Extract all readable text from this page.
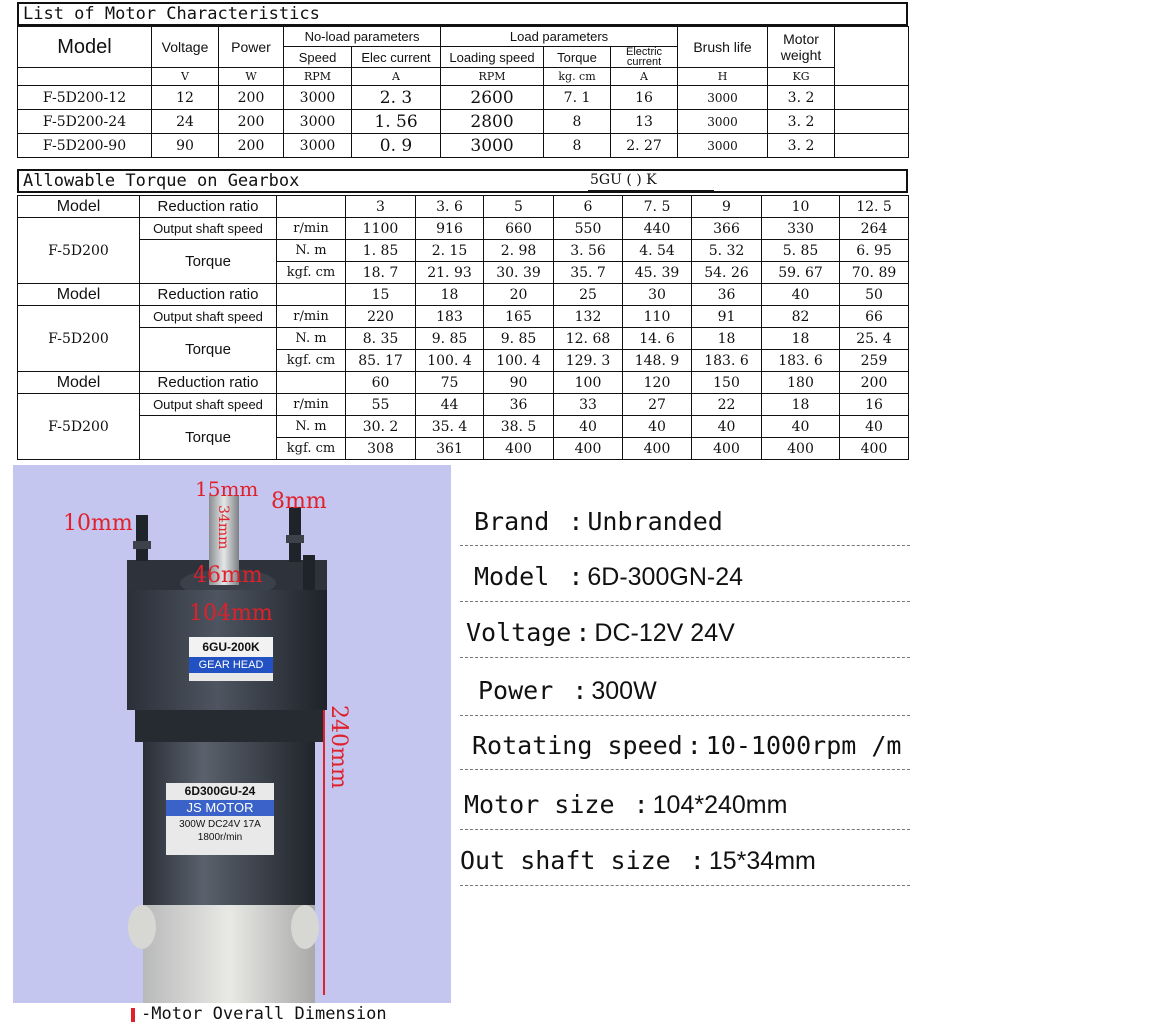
List of Motor Characteristics
Model	Voltage	Power	No-load parameters		Load parameters			Brush life	Motor weight	
			Speed	Elec current	Loading speed	Torque	Electric current			
	V	W	RPM	A	RPM	kg. cm	A	H	KG	
F-5D200-12	12	200	3000	2. 3	2600	7. 1	16	3000	3. 2	
F-5D200-24	24	200	3000	1. 56	2800	8	13	3000	3. 2	
F-5D200-90	90	200	3000	0. 9	3000	8	2. 27	3000	3. 2	
Allowable Torque on Gearbox	5GU ( ) K
Model	Reduction ratio		3	3. 6	5	6	7. 5	9	10	12. 5
F-5D200	Output shaft speed	r/min	1100	916	660	550	440	366	330	264
	Torque	N. m	1. 85	2. 15	2. 98	3. 56	4. 54	5. 32	5. 85	6. 95
		kgf. cm	18. 7	21. 93	30. 39	35. 7	45. 39	54. 26	59. 67	70. 89
Model	Reduction ratio		15	18	20	25	30	36	40	50
F-5D200	Output shaft speed	r/min	220	183	165	132	110	91	82	66
	Torque	N. m	8. 35	9. 85	9. 85	12. 68	14. 6	18	18	25. 4
		kgf. cm	85. 17	100. 4	100. 4	129. 3	148. 9	183. 6	183. 6	259
Model	Reduction ratio		60	75	90	100	120	150	180	200
F-5D200	Output shaft speed	r/min	55	44	36	33	27	22	18	16
	Torque	N. m	30. 2	35. 4	38. 5	40	40	40	40	40
		kgf. cm	308	361	400	400	400	400	400	400
15mm 8mm
10mm	34mm
46mm
104mm
240mm
6GU-200K
GEAR HEAD
6D300GU-24
JS MOTOR
300W DC24V 17A
1800r/min
-Motor Overall Dimension
Brand : Unbranded
Model : 6D-300GN-24
Voltage : DC-12V 24V
Power : 300W
Rotating speed : 10-1000rpm /m
Motor size : 104*240mm
Out shaft size : 15*34mm
